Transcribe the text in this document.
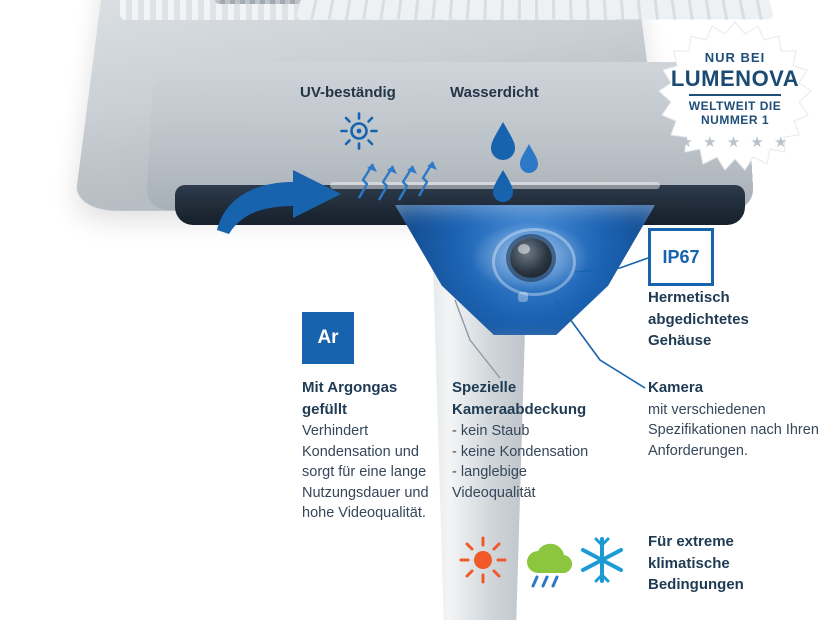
UV-beständig	Wasserdicht
NUR BEI
LUMENOVA
WELTWEIT DIE
NUMMER 1
★ ★ ★ ★ ★
Ar
IP67
Hermetisch
abgedichtetes
Gehäuse
Mit Argongas
gefüllt

Verhindert Kondensation und sorgt für eine lange Nutzungsdauer und hohe Videoqualität.

Spezielle
Kameraabdeckung
- kein Staub
- keine Kondensation
- langlebige
Videoqualität
Kamera

mit verschiedenen Spezifikationen nach Ihren Anforderungen.

Für extreme
klimatische
Bedingungen
